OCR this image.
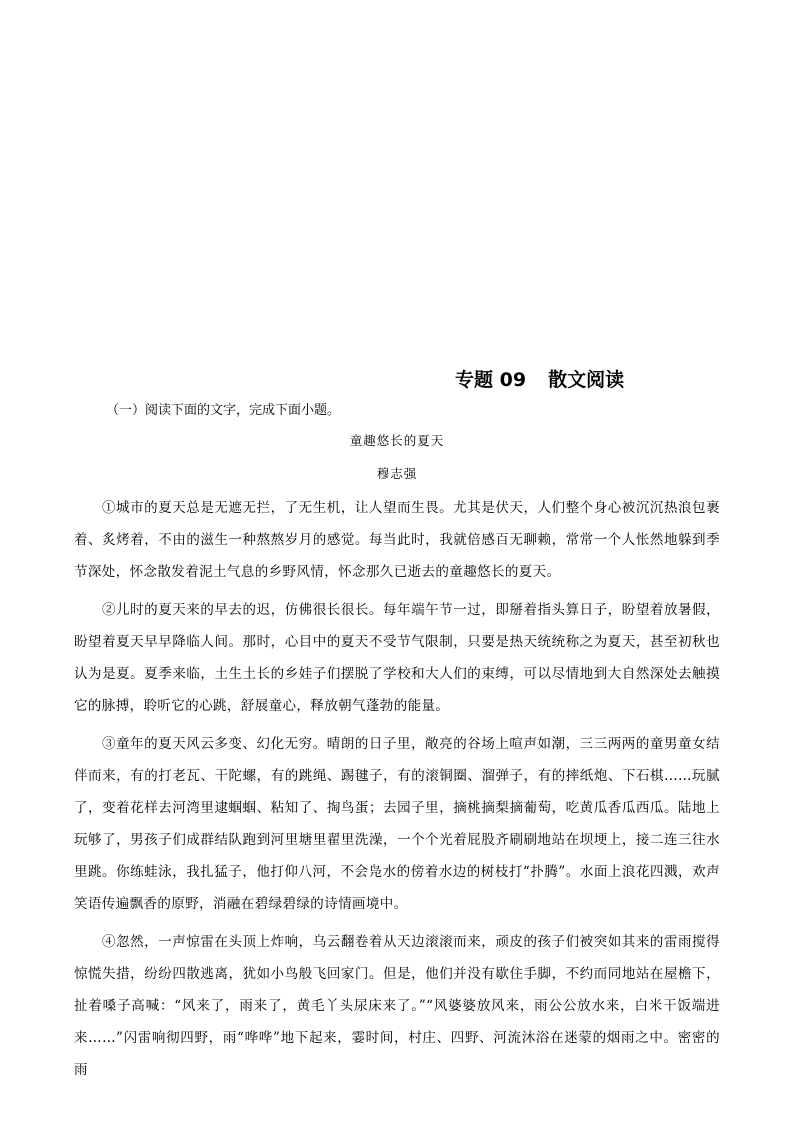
专题 09 散文阅读
（一）阅读下面的文字，完成下面小题。
童趣悠长的夏天
穆志强

①城市的夏天总是无遮无拦，了无生机，让人望而生畏。尤其是伏天，人们整个身心被沉沉热浪包裹着、炙烤着，不由的滋生一种熬熬岁月的感觉。每当此时，我就倍感百无聊赖，常常一个人怅然地躲到季节深处，怀念散发着泥土气息的乡野风情，怀念那久已逝去的童趣悠长的夏天。

②儿时的夏天来的早去的迟，仿佛很长很长。每年端午节一过，即掰着指头算日子，盼望着放暑假，盼望着夏天早早降临人间。那时，心目中的夏天不受节气限制，只要是热天统统称之为夏天，甚至初秋也认为是夏。夏季来临，土生土长的乡娃子们摆脱了学校和大人们的束缚，可以尽情地到大自然深处去触摸它的脉搏，聆听它的心跳，舒展童心，释放朝气蓬勃的能量。

③童年的夏天风云多变、幻化无穷。晴朗的日子里，敞亮的谷场上喧声如潮，三三两两的童男童女结伴而来，有的打老瓦、干陀螺，有的跳绳、踢毽子，有的滚铜圈、溜弹子，有的摔纸炮、下石棋……玩腻了，变着花样去河湾里逮蝈蝈、粘知了、掏鸟蛋；去园子里，摘桃摘梨摘葡萄，吃黄瓜香瓜西瓜。陆地上玩够了，男孩子们成群结队跑到河里塘里翟里洗澡，一个个光着屁股齐刷刷地站在坝埂上，接二连三往水里跳。你练蛙泳，我扎猛子，他打仰八河，不会凫水的傍着水边的树枝打“扑腾”。水面上浪花四溅，欢声笑语传遍飘香的原野，消融在碧绿碧绿的诗情画境中。

④忽然，一声惊雷在头顶上炸响，乌云翻卷着从天边滚滚而来，顽皮的孩子们被突如其来的雷雨搅得惊慌失措，纷纷四散逃离，犹如小鸟般飞回家门。但是，他们并没有歇住手脚，不约而同地站在屋檐下，扯着嗓子高喊：“风来了，雨来了，黄毛丫头尿床来了。”“风婆婆放风来，雨公公放水来，白米干饭端进来……”闪雷响彻四野，雨“哗哗”地下起来，霎时间，村庄、四野、河流沐浴在迷蒙的烟雨之中。密密的雨
